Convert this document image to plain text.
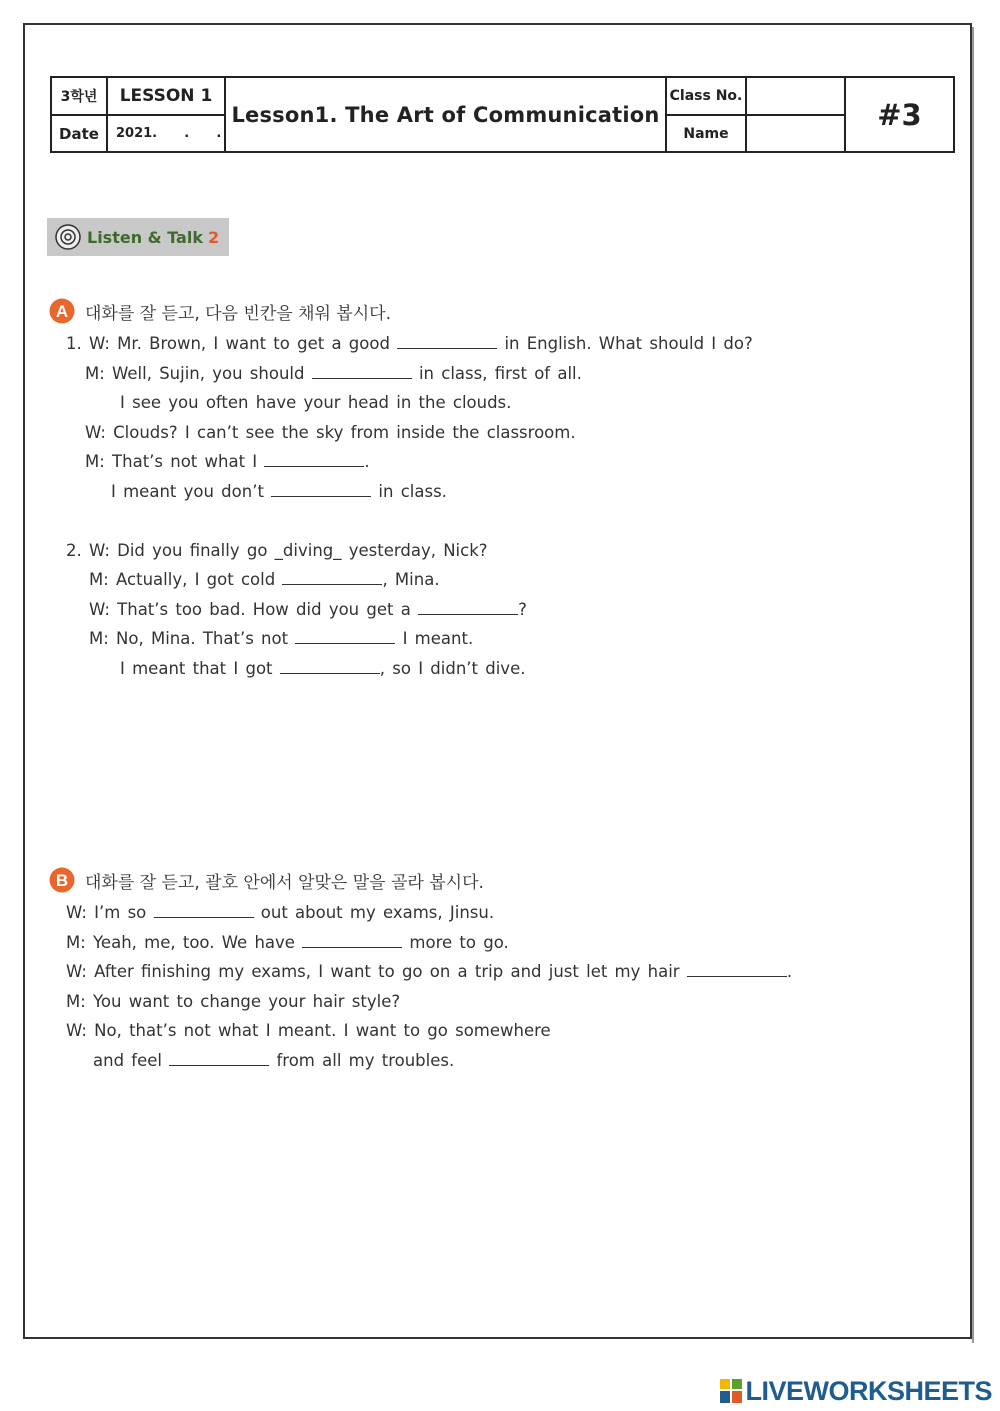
3학년	LESSON 1	Lesson1. The Art of Communication	Class No.		#3
Date	2021.      .      .		Name		
Listen & Talk 2
A 대화를 잘 듣고, 다음 빈칸을 채워 봅시다.
1. W: Mr. Brown, I want to get a good	in English. What should I do?
M: Well, Sujin, you should	in class, first of all.
I see you often have your head in the clouds.
W: Clouds? I can’t see the sky from inside the classroom.
M: That’s not what I	.
I meant you don’t	in class.
2. W: Did you finally go _diving_ yesterday, Nick?
M: Actually, I got cold	, Mina.
W: That’s too bad. How did you get a	?
M: No, Mina. That’s not	I meant.
I meant that I got	, so I didn’t dive.
B 대화를 잘 듣고, 괄호 안에서 알맞은 말을 골라 봅시다.
W: I’m so	out about my exams, Jinsu.
M: Yeah, me, too. We have	more to go.
W: After finishing my exams, I want to go on a trip and just let my hair	.
M: You want to change your hair style?
W: No, that’s not what I meant. I want to go somewhere
and feel	from all my troubles.
LIVEWORKSHEETS
